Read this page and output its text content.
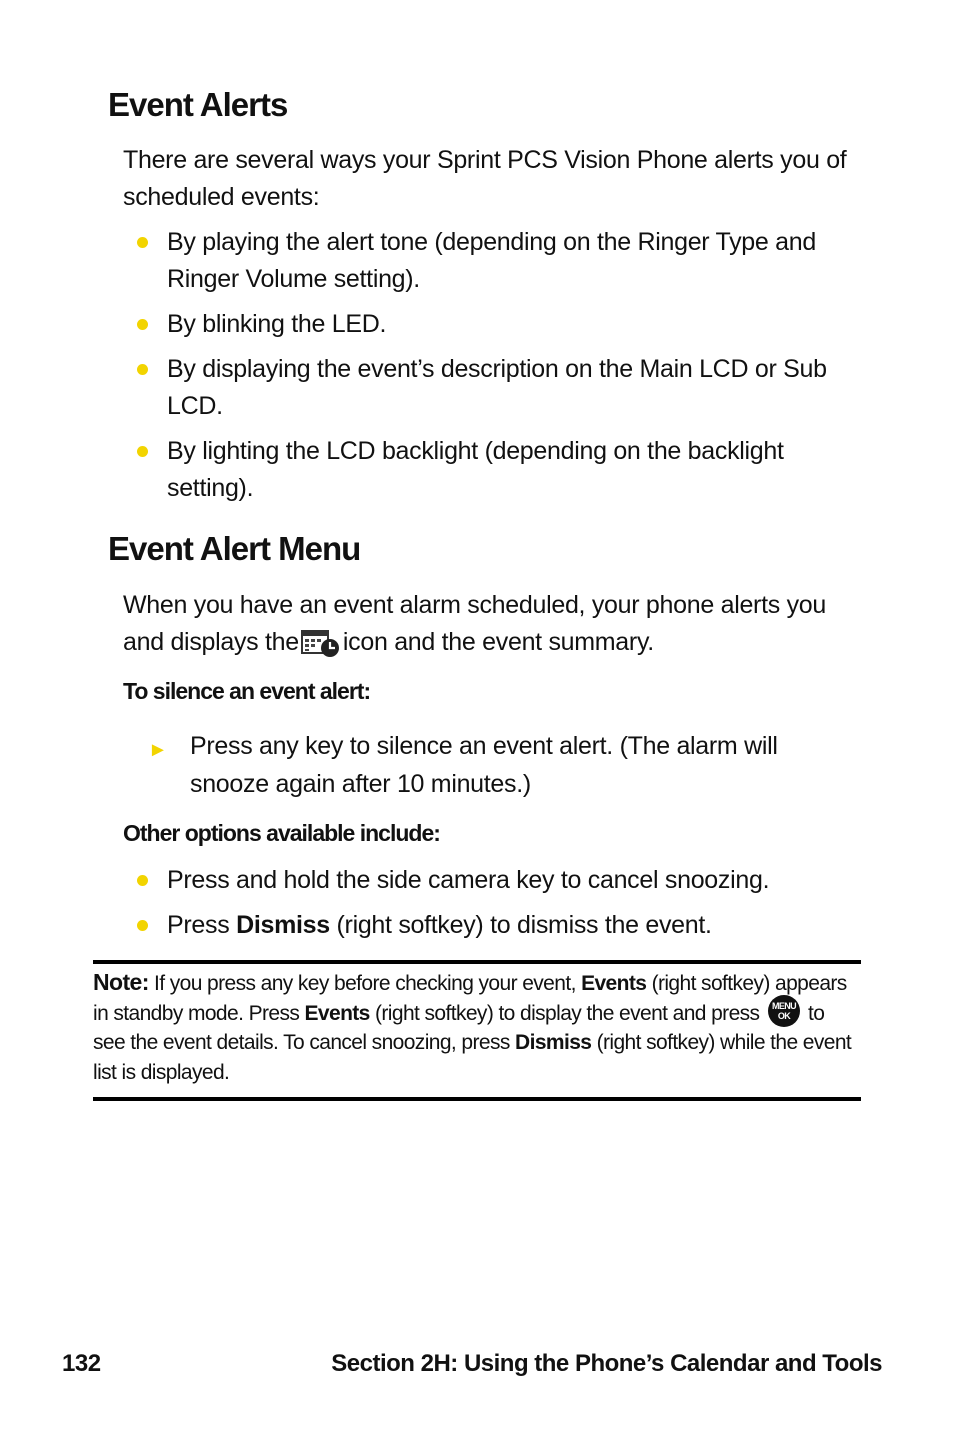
Event Alerts

There are several ways your Sprint PCS Vision Phone alerts you of scheduled events:

By playing the alert tone (depending on the Ringer Type and Ringer Volume setting).
By blinking the LED.
By displaying the event’s description on the Main LCD or Sub LCD.
By lighting the LCD backlight (depending on the backlight setting).
Event Alert Menu

When you have an event alarm scheduled, your phone alerts you and displays the icon and the event summary.

To silence an event alert:
► Press any key to silence an event alert. (The alarm will snooze again after 10 minutes.)
Other options available include:
Press and hold the side camera key to cancel snoozing.
Press Dismiss (right softkey) to dismiss the event.
Note: If you press any key before checking your event, Events (right softkey) appears in standby mode. Press Events (right softkey) to display the event and press MENU
OK to see the event details. To cancel snoozing, press Dismiss (right softkey) while the event list is displayed.
132	Section 2H: Using the Phone’s Calendar and Tools
